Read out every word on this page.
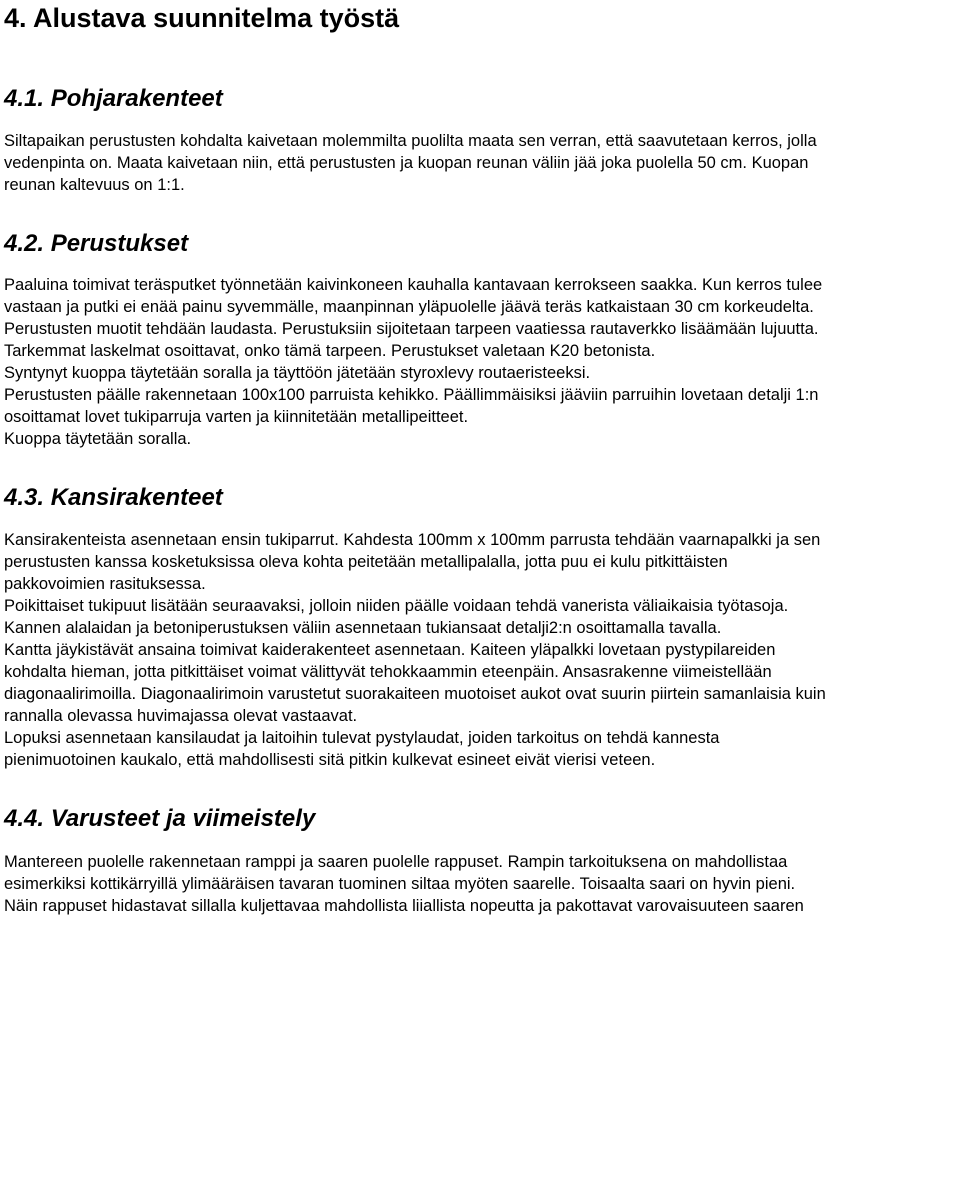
4. Alustava suunnitelma työstä
4.1. Pohjarakenteet

Siltapaikan perustusten kohdalta kaivetaan molemmilta puolilta maata sen verran, että saavutetaan kerros, jolla
vedenpinta on. Maata kaivetaan niin, että perustusten ja kuopan reunan väliin jää joka puolella 50 cm. Kuopan
reunan kaltevuus on 1:1.

4.2. Perustukset

Paaluina toimivat teräsputket työnnetään kaivinkoneen kauhalla kantavaan kerrokseen saakka. Kun kerros tulee
vastaan ja putki ei enää painu syvemmälle, maanpinnan yläpuolelle jäävä teräs katkaistaan 30 cm korkeudelta.

Perustusten muotit tehdään laudasta. Perustuksiin sijoitetaan tarpeen vaatiessa rautaverkko lisäämään lujuutta.
Tarkemmat laskelmat osoittavat, onko tämä tarpeen. Perustukset valetaan K20 betonista.

Syntynyt kuoppa täytetään soralla ja täyttöön jätetään styroxlevy routaeristeeksi.

Perustusten päälle rakennetaan 100x100 parruista kehikko. Päällimmäisiksi jääviin parruihin lovetaan detalji 1:n
osoittamat lovet tukiparruja varten ja kiinnitetään metallipeitteet.

Kuoppa täytetään soralla.

4.3. Kansirakenteet

Kansirakenteista asennetaan ensin tukiparrut. Kahdesta 100mm x 100mm parrusta tehdään vaarnapalkki ja sen
perustusten kanssa kosketuksissa oleva kohta peitetään metallipalalla, jotta puu ei kulu pitkittäisten
pakkovoimien rasituksessa.

Poikittaiset tukipuut lisätään seuraavaksi, jolloin niiden päälle voidaan tehdä vanerista väliaikaisia työtasoja.

Kannen alalaidan ja betoniperustuksen väliin asennetaan tukiansaat detalji2:n osoittamalla tavalla.

Kantta jäykistävät ansaina toimivat kaiderakenteet asennetaan. Kaiteen yläpalkki lovetaan pystypilareiden
kohdalta hieman, jotta pitkittäiset voimat välittyvät tehokkaammin eteenpäin. Ansasrakenne viimeistellään
diagonaalirimoilla. Diagonaalirimoin varustetut suorakaiteen muotoiset aukot ovat suurin piirtein samanlaisia kuin
rannalla olevassa huvimajassa olevat vastaavat.

Lopuksi asennetaan kansilaudat ja laitoihin tulevat pystylaudat, joiden tarkoitus on tehdä kannesta
pienimuotoinen kaukalo, että mahdollisesti sitä pitkin kulkevat esineet eivät vierisi veteen.

4.4. Varusteet ja viimeistely

Mantereen puolelle rakennetaan ramppi ja saaren puolelle rappuset. Rampin tarkoituksena on mahdollistaa
esimerkiksi kottikärryillä ylimääräisen tavaran tuominen siltaa myöten saarelle. Toisaalta saari on hyvin pieni.
Näin rappuset hidastavat sillalla kuljettavaa mahdollista liiallista nopeutta ja pakottavat varovaisuuteen saaren
